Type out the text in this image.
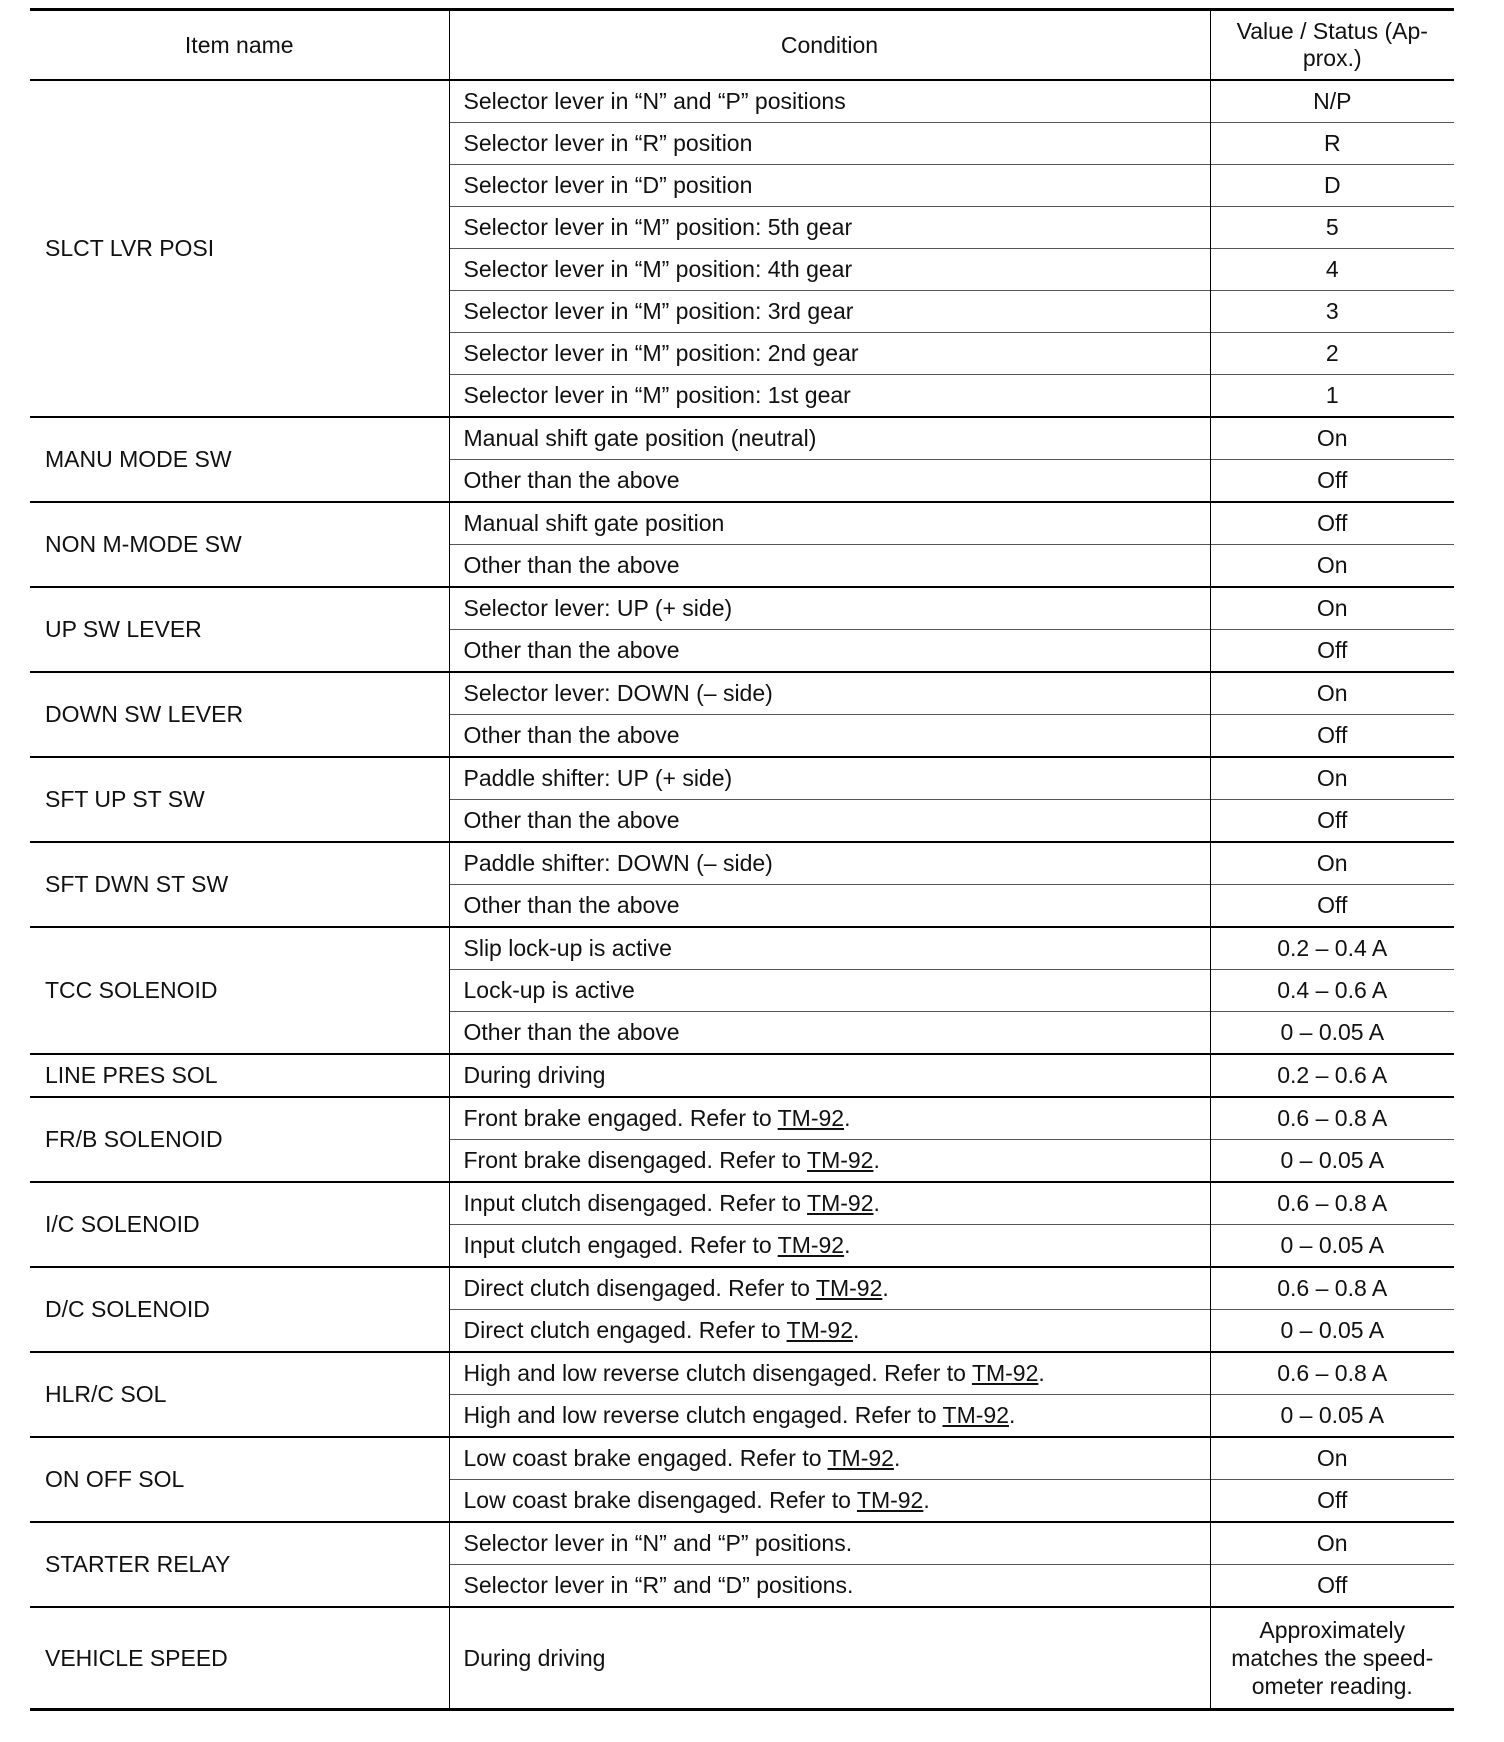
Item name	Condition	Value / Status (Ap-prox.)
SLCT LVR POSI	Selector lever in “N” and “P” positions	N/P
	Selector lever in “R” position	R
	Selector lever in “D” position	D
	Selector lever in “M” position: 5th gear	5
	Selector lever in “M” position: 4th gear	4
	Selector lever in “M” position: 3rd gear	3
	Selector lever in “M” position: 2nd gear	2
	Selector lever in “M” position: 1st gear	1
MANU MODE SW	Manual shift gate position (neutral)	On
	Other than the above	Off
NON M-MODE SW	Manual shift gate position	Off
	Other than the above	On
UP SW LEVER	Selector lever: UP (+ side)	On
	Other than the above	Off
DOWN SW LEVER	Selector lever: DOWN (– side)	On
	Other than the above	Off
SFT UP ST SW	Paddle shifter: UP (+ side)	On
	Other than the above	Off
SFT DWN ST SW	Paddle shifter: DOWN (– side)	On
	Other than the above	Off
TCC SOLENOID	Slip lock-up is active	0.2 – 0.4 A
	Lock-up is active	0.4 – 0.6 A
	Other than the above	0 – 0.05 A
LINE PRES SOL	During driving	0.2 – 0.6 A
FR/B SOLENOID	Front brake engaged. Refer to TM-92.	0.6 – 0.8 A
	Front brake disengaged. Refer to TM-92.	0 – 0.05 A
I/C SOLENOID	Input clutch disengaged. Refer to TM-92.	0.6 – 0.8 A
	Input clutch engaged. Refer to TM-92.	0 – 0.05 A
D/C SOLENOID	Direct clutch disengaged. Refer to TM-92.	0.6 – 0.8 A
	Direct clutch engaged. Refer to TM-92.	0 – 0.05 A
HLR/C SOL	High and low reverse clutch disengaged. Refer to TM-92.	0.6 – 0.8 A
	High and low reverse clutch engaged. Refer to TM-92.	0 – 0.05 A
ON OFF SOL	Low coast brake engaged. Refer to TM-92.	On
	Low coast brake disengaged. Refer to TM-92.	Off
STARTER RELAY	Selector lever in “N” and “P” positions.	On
	Selector lever in “R” and “D” positions.	Off
VEHICLE SPEED	During driving	Approximately matches the speed-ometer reading.
